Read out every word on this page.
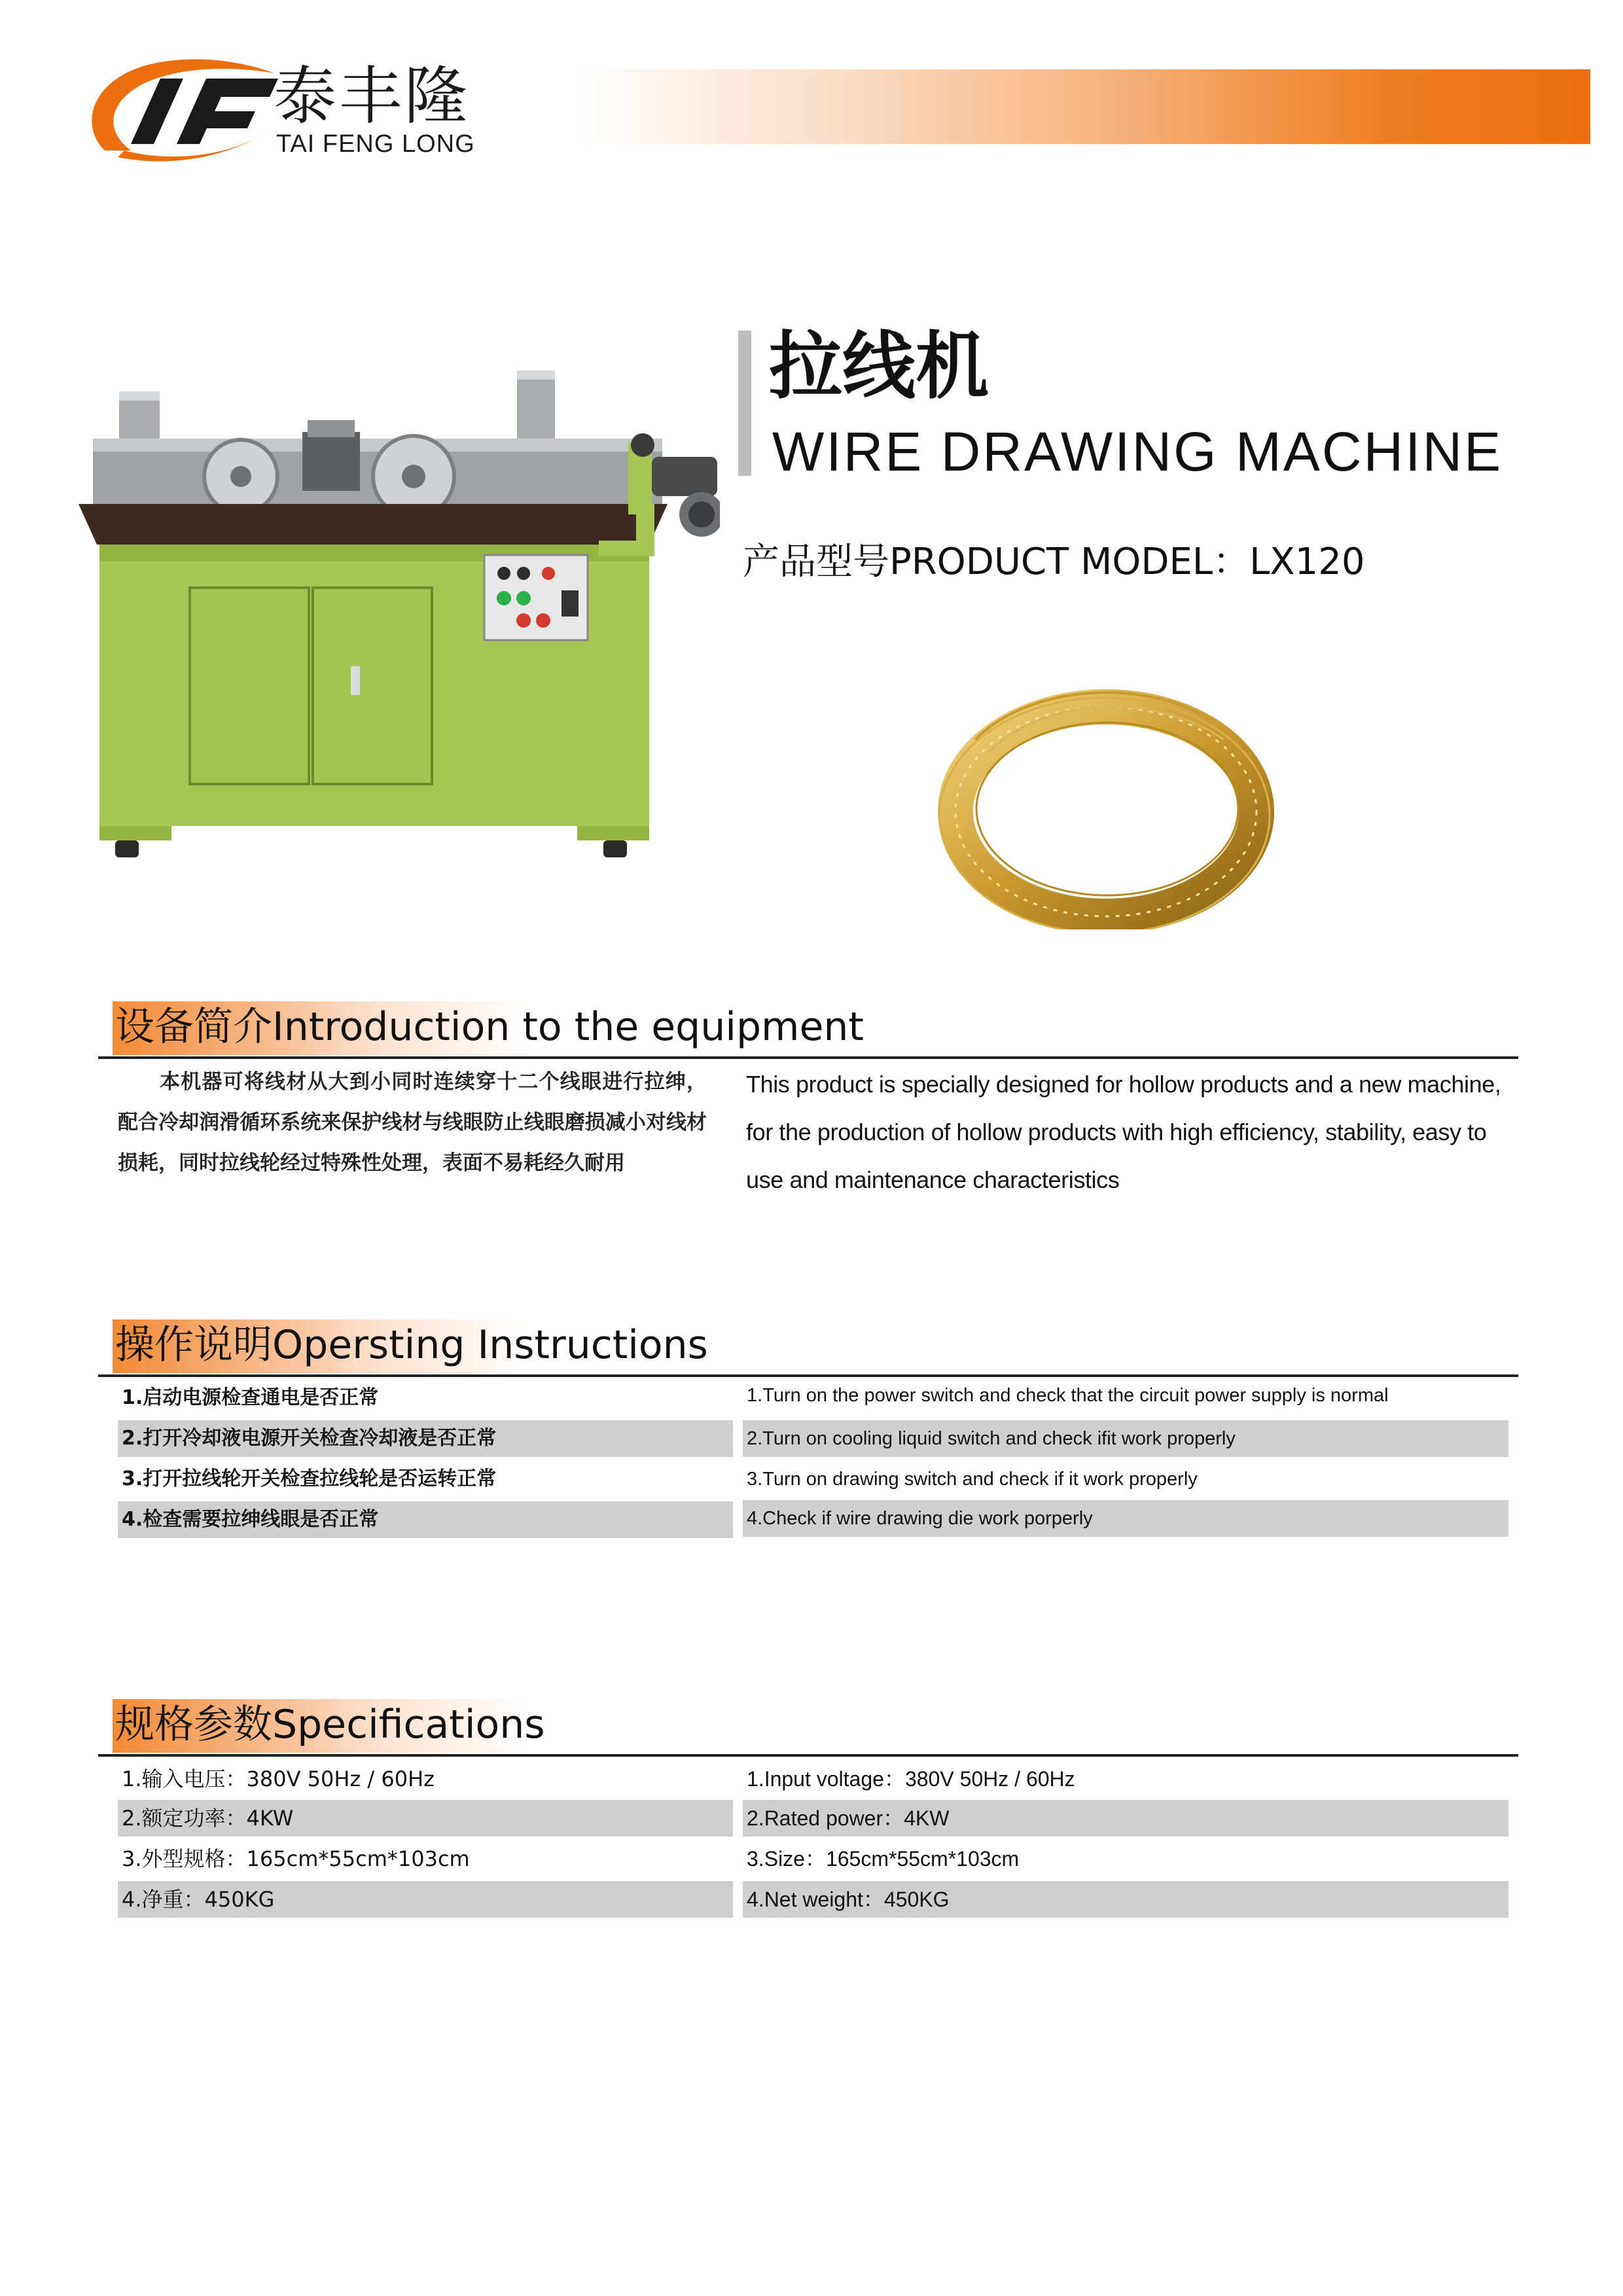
泰丰隆
TAI FENG LONG
拉线机
WIRE DRAWING MACHINE
产品型号PRODUCT MODEL：LX120
设备简介Introduction to the equipment
本机器可将线材从大到小同时连续穿十二个线眼进行拉绅，配合冷却润滑循环系统来保护线材与线眼防止线眼磨损减小对线材损耗，同时拉线轮经过特殊性处理，表面不易耗经久耐用
This product is specially designed for hollow products and a new machine, for the production of hollow products with high efficiency, stability, easy to use and maintenance characteristics
操作说明Opersting Instructions
1.启动电源检查通电是否正常
2.打开冷却液电源开关检查冷却液是否正常
3.打开拉线轮开关检查拉线轮是否运转正常
4.检查需要拉绅线眼是否正常
1.Turn on the power switch and check that the circuit power supply is normal
2.Turn on cooling liquid switch and check ifit work properly
3.Turn on drawing switch and check if it work properly
4.Check if wire drawing die work porperly
规格参数Specifications
1.输入电压：380V 50Hz / 60Hz
2.额定功率：4KW
3.外型规格：165cm*55cm*103cm
4.净重：450KG
1.Input voltage：380V 50Hz / 60Hz
2.Rated power：4KW
3.Size：165cm*55cm*103cm
4.Net weight：450KG
